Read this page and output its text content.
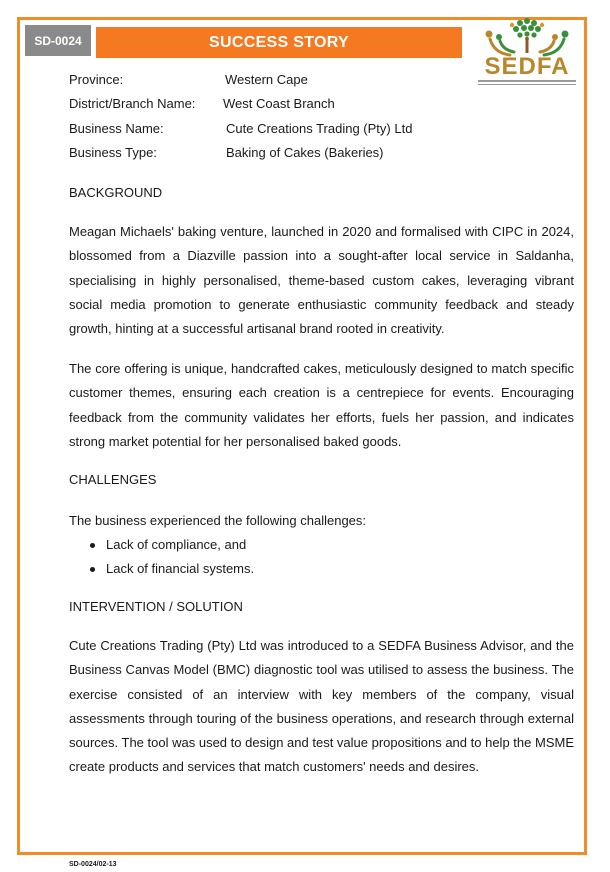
SD-0024	SUCCESS STORY
SEDFA
Province:	Western Cape
District/Branch Name: West Coast Branch
Business Name:	Cute Creations Trading (Pty) Ltd
Business Type:	Baking of Cakes (Bakeries)
BACKGROUND
Meagan Michaels' baking venture, launched in 2020 and formalised with CIPC in 2024, blossomed from a Diazville passion into a sought-after local service in Saldanha, specialising in highly personalised, theme-based custom cakes, leveraging vibrant social media promotion to generate enthusiastic community feedback and steady growth, hinting at a successful artisanal brand rooted in creativity.
The core offering is unique, handcrafted cakes, meticulously designed to match specific customer themes, ensuring each creation is a centrepiece for events. Encouraging feedback from the community validates her efforts, fuels her passion, and indicates strong market potential for her personalised baked goods.
CHALLENGES
The business experienced the following challenges:
Lack of compliance, and
Lack of financial systems.
INTERVENTION / SOLUTION
Cute Creations Trading (Pty) Ltd was introduced to a SEDFA Business Advisor, and the Business Canvas Model (BMC) diagnostic tool was utilised to assess the business. The exercise consisted of an interview with key members of the company, visual assessments through touring of the business operations, and research through external sources. The tool was used to design and test value propositions and to help the MSME create products and services that match customers' needs and desires.
SD-0024/02-13
